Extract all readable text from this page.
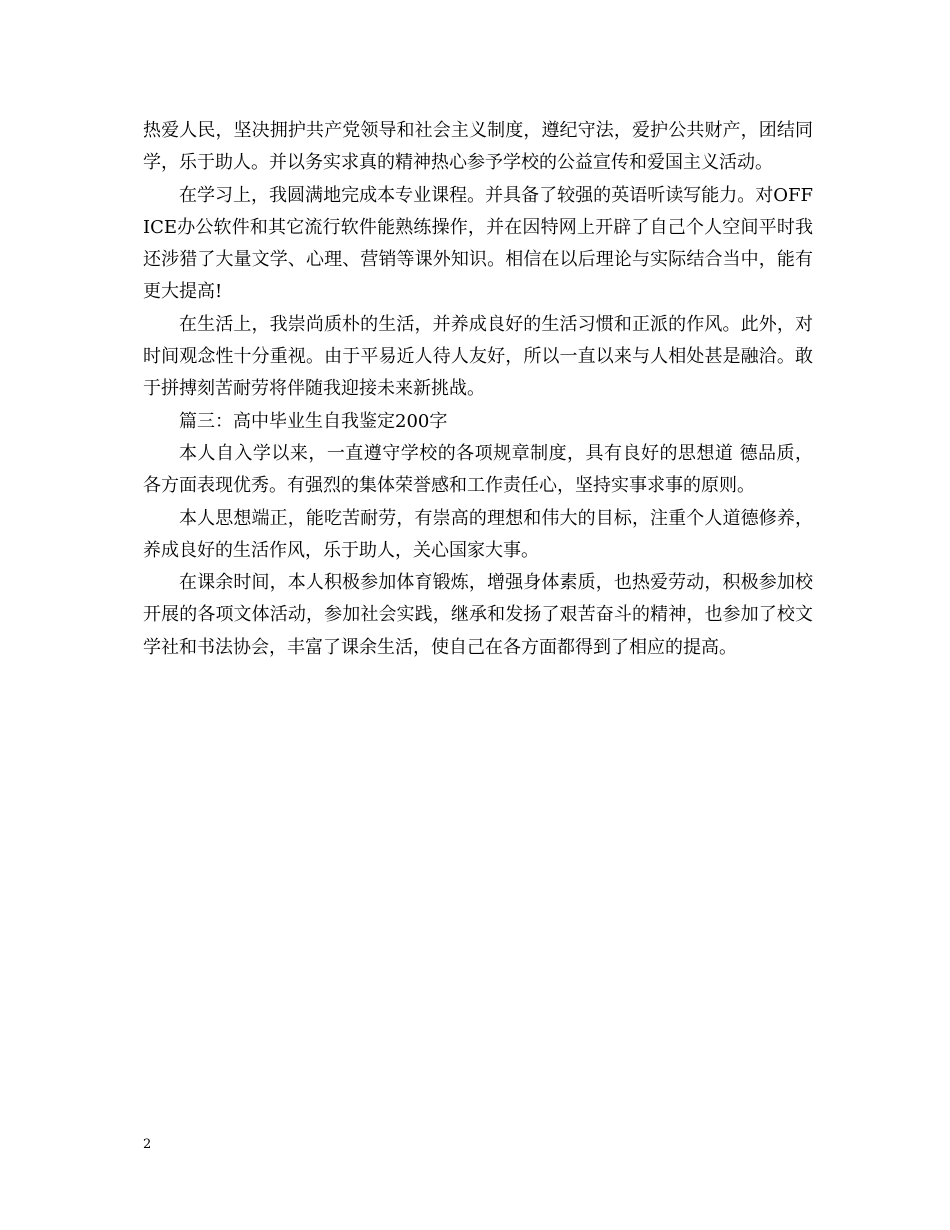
热爱人民，坚决拥护共产党领导和社会主义制度，遵纪守法，爱护公共财产，团结同学，乐于助人。并以务实求真的精神热心参予学校的公益宣传和爱国主义活动。

在学习上，我圆满地完成本专业课程。并具备了较强的英语听读写能力。对OFFICE办公软件和其它流行软件能熟练操作，并在因特网上开辟了自己个人空间平时我还涉猎了大量文学、心理、营销等课外知识。相信在以后理论与实际结合当中，能有更大提高!

在生活上，我崇尚质朴的生活，并养成良好的生活习惯和正派的作风。此外，对时间观念性十分重视。由于平易近人待人友好，所以一直以来与人相处甚是融洽。敢于拼搏刻苦耐劳将伴随我迎接未来新挑战。

篇三：高中毕业生自我鉴定200字

本人自入学以来，一直遵守学校的各项规章制度，具有良好的思想道 德品质，各方面表现优秀。有强烈的集体荣誉感和工作责任心，坚持实事求事的原则。

本人思想端正，能吃苦耐劳，有崇高的理想和伟大的目标，注重个人道德修养，养成良好的生活作风，乐于助人，关心国家大事。

在课余时间，本人积极参加体育锻炼，增强身体素质，也热爱劳动，积极参加校开展的各项文体活动，参加社会实践，继承和发扬了艰苦奋斗的精神，也参加了校文学社和书法协会，丰富了课余生活，使自己在各方面都得到了相应的提高。

2
